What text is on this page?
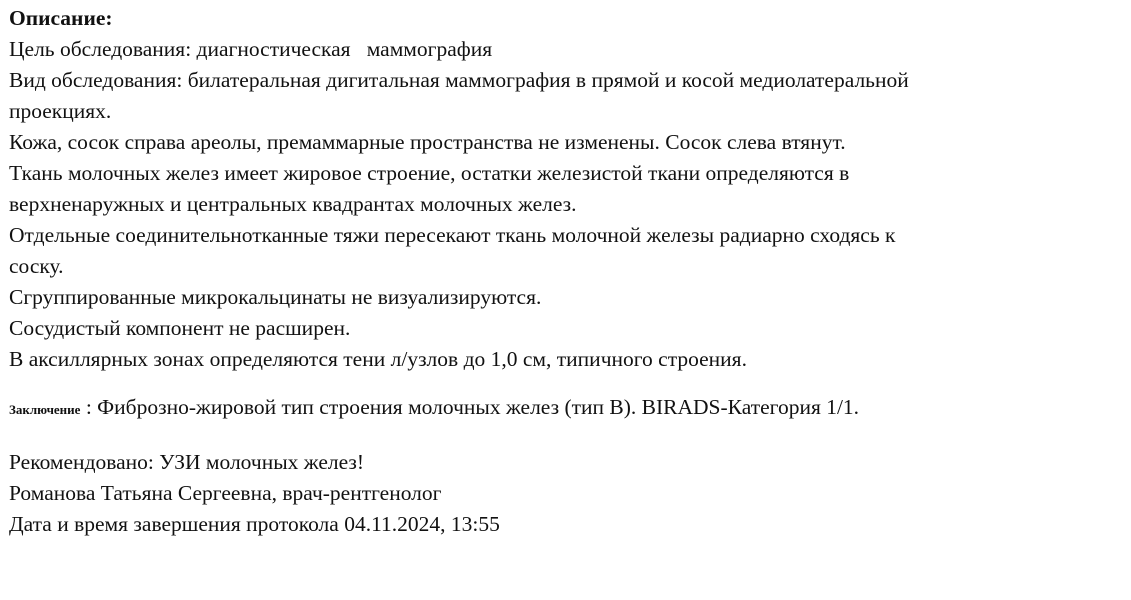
Описание:

Цель обследования: диагностическая   маммография

Вид обследования: билатеральная дигитальная маммография в прямой и косой медиолатеральной

проекциях.

Кожа, сосок справа ареолы, премаммарные пространства не изменены. Сосок слева втянут.

Ткань молочных желез имеет жировое строение, остатки железистой ткани определяются в

верхненаружных и центральных квадрантах молочных желез.

Отдельные соединительнотканные тяжи пересекают ткань молочной железы радиарно сходясь к

соску.

Сгруппированные микрокальцинаты не визуализируются.

Сосудистый компонент не расширен.

В аксиллярных зонах определяются тени л/узлов до 1,0 см, типичного строения.

Заключение : Фиброзно-жировой тип строения молочных желез (тип В). BIRADS-Категория 1/1.

Рекомендовано: УЗИ молочных желез!

Романова Татьяна Сергеевна, врач-рентгенолог

Дата и время завершения протокола 04.11.2024, 13:55
